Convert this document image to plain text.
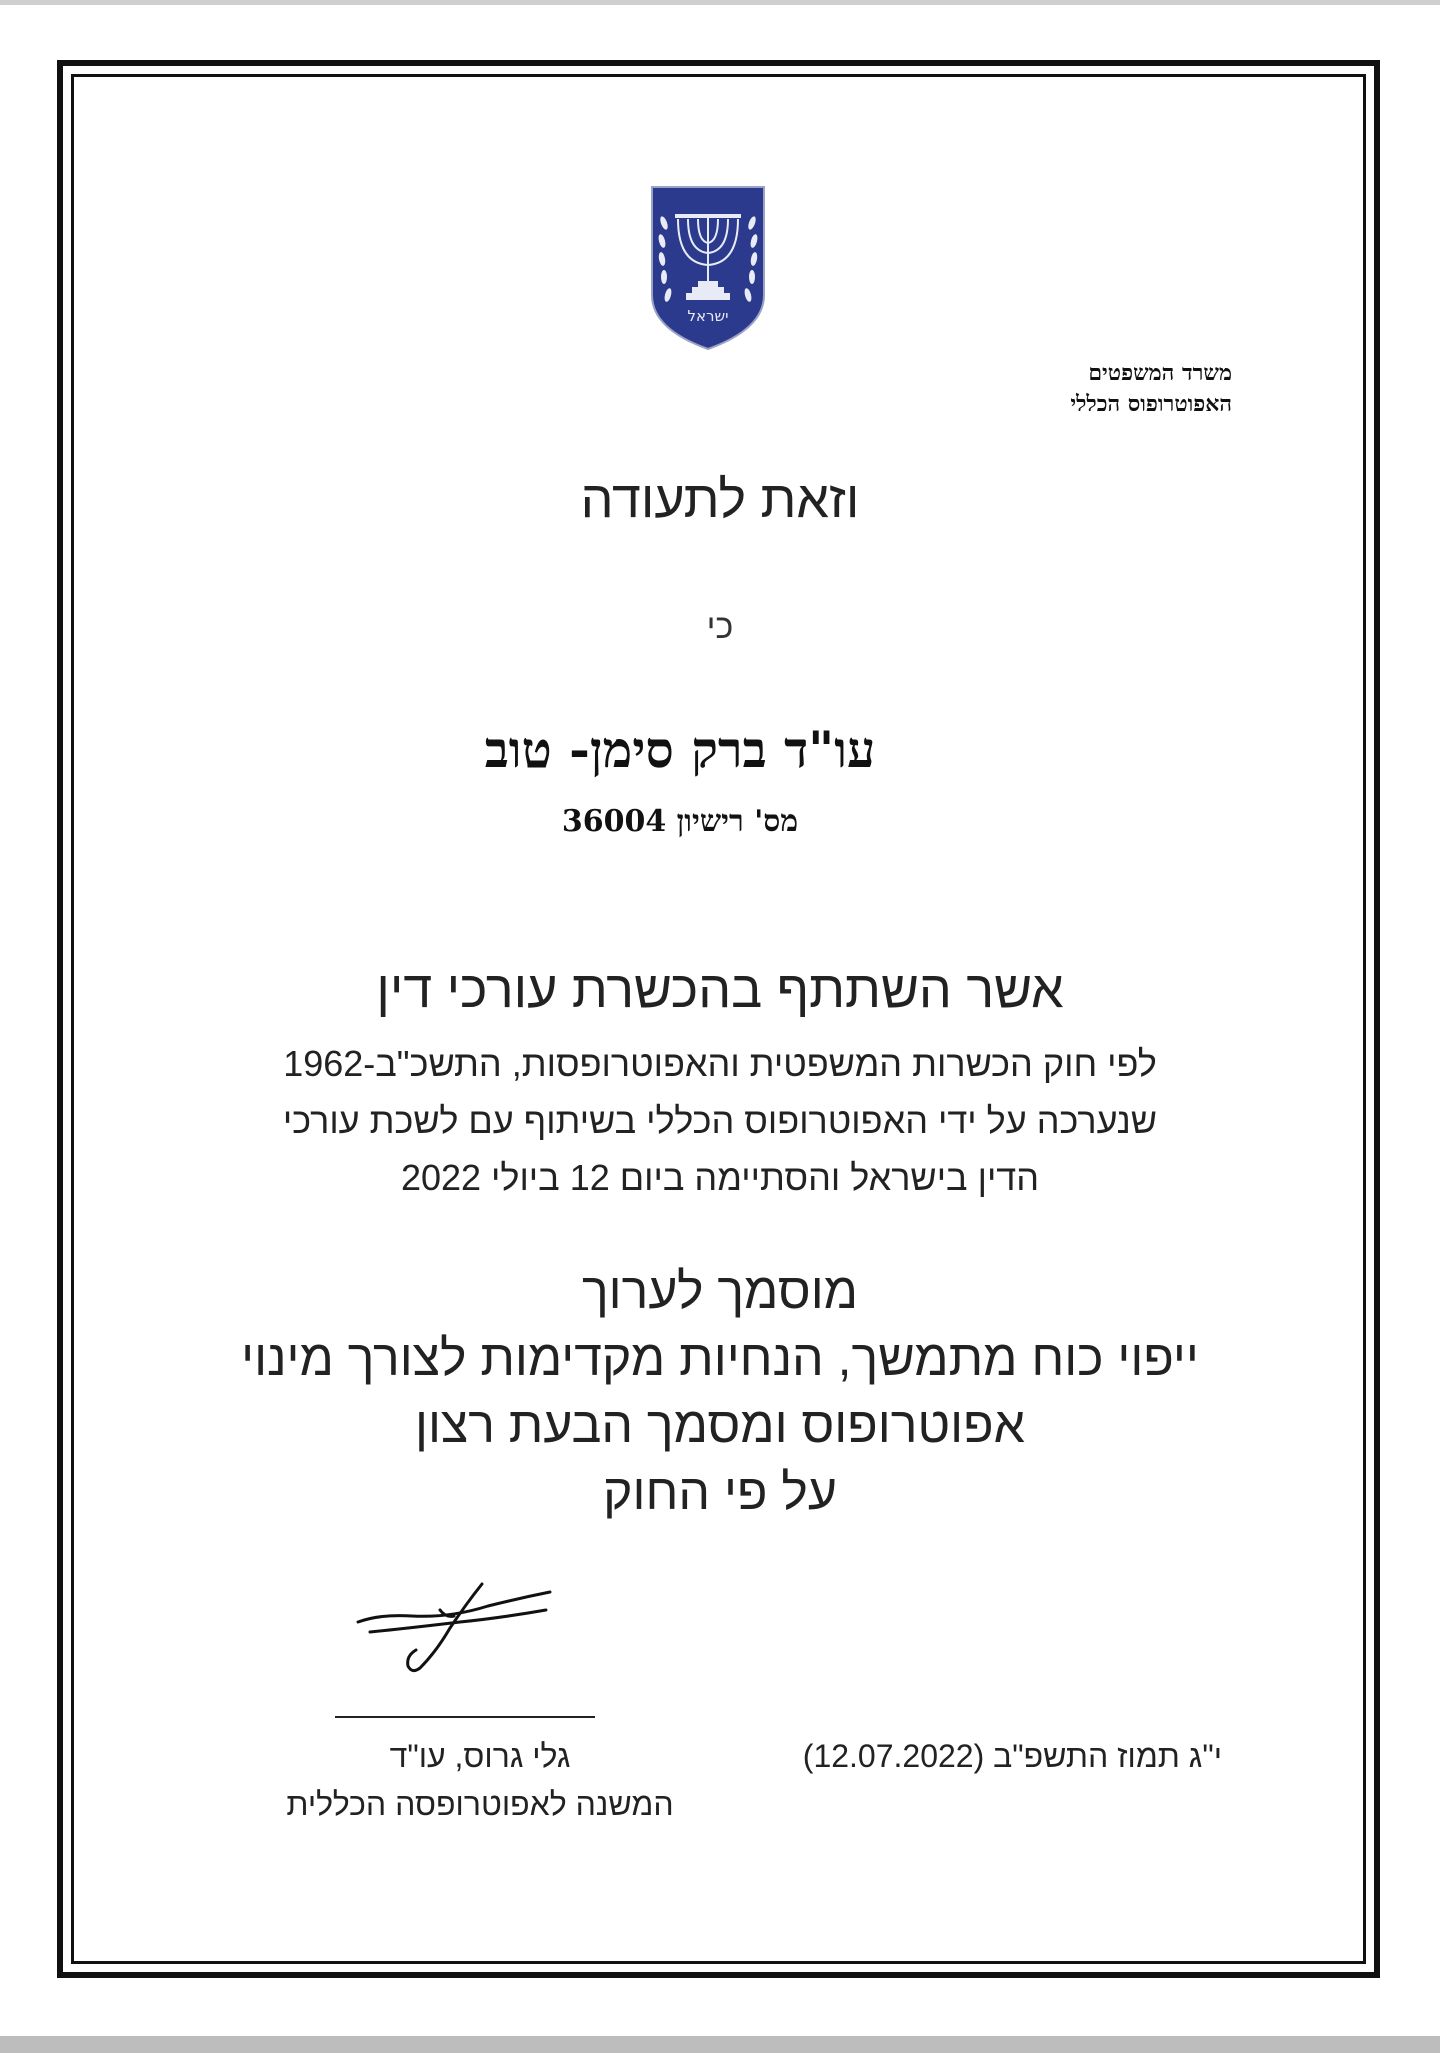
ישראל
משרד המשפטים
האפוטרופוס הכללי
וזאת לתעודה
כי
עו"ד ברק סימן- טוב
מס' רישיון 36004
אשר השתתף בהכשרת עורכי דין
לפי חוק הכשרות המשפטית והאפוטרופסות, התשכ"ב-1962
שנערכה על ידי האפוטרופוס הכללי בשיתוף עם לשכת עורכי
הדין בישראל והסתיימה ביום 12 ביולי 2022
מוסמך לערוך
ייפוי כוח מתמשך, הנחיות מקדימות לצורך מינוי
אפוטרופוס ומסמך הבעת רצון
על פי החוק
גלי גרוס, עו"ד
המשנה לאפוטרופסה הכללית
י"ג תמוז התשפ"ב (12.07.2022)
